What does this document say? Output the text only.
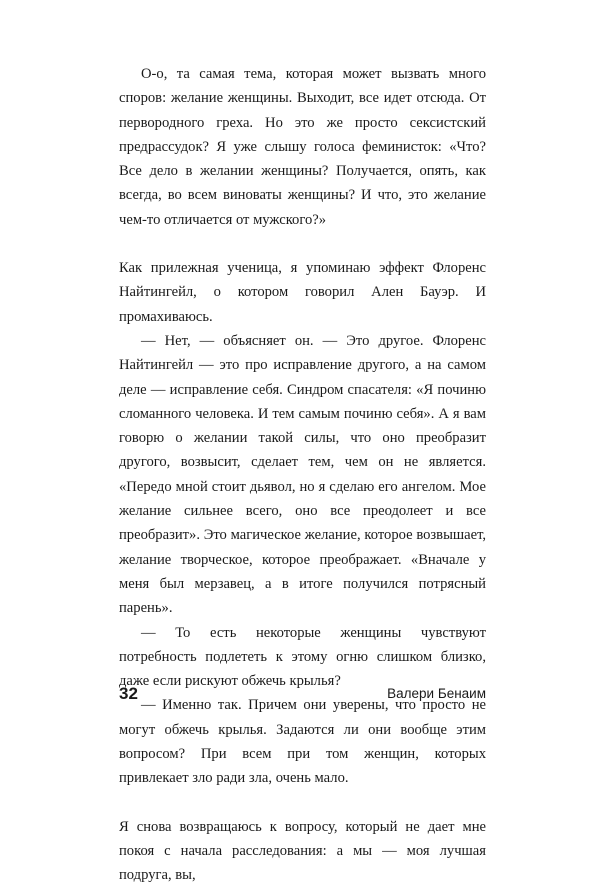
О-о, та самая тема, которая может вызвать много споров: желание женщины. Выходит, все идет отсюда. От первородного греха. Но это же просто сексистский предрассудок? Я уже слышу голоса феминисток: «Что? Все дело в желании женщины? Получается, опять, как всегда, во всем виноваты женщины? И что, это желание чем-то отличается от мужского?»

Как прилежная ученица, я упоминаю эффект Флоренс Найтингейл, о котором говорил Ален Бауэр. И промахиваюсь.

— Нет, — объясняет он. — Это другое. Флоренс Найтингейл — это про исправление другого, а на самом деле — исправление себя. Синдром спасателя: «Я починю сломанного человека. И тем самым починю себя». А я вам говорю о желании такой силы, что оно преобразит другого, возвысит, сделает тем, чем он не является. «Передо мной стоит дьявол, но я сделаю его ангелом. Мое желание сильнее всего, оно все преодолеет и все преобразит». Это магическое желание, которое возвышает, желание творческое, которое преображает. «Вначале у меня был мерзавец, а в итоге получился потрясный парень».

— То есть некоторые женщины чувствуют потребность подлететь к этому огню слишком близко, даже если рискуют обжечь крылья?

— Именно так. Причем они уверены, что просто не могут обжечь крылья. Задаются ли они вообще этим вопросом? При всем при том женщин, которых привлекает зло ради зла, очень мало.

Я снова возвращаюсь к вопросу, который не дает мне покоя с начала расследования: а мы — моя лучшая подруга, вы,

32	Валери Бенаим
